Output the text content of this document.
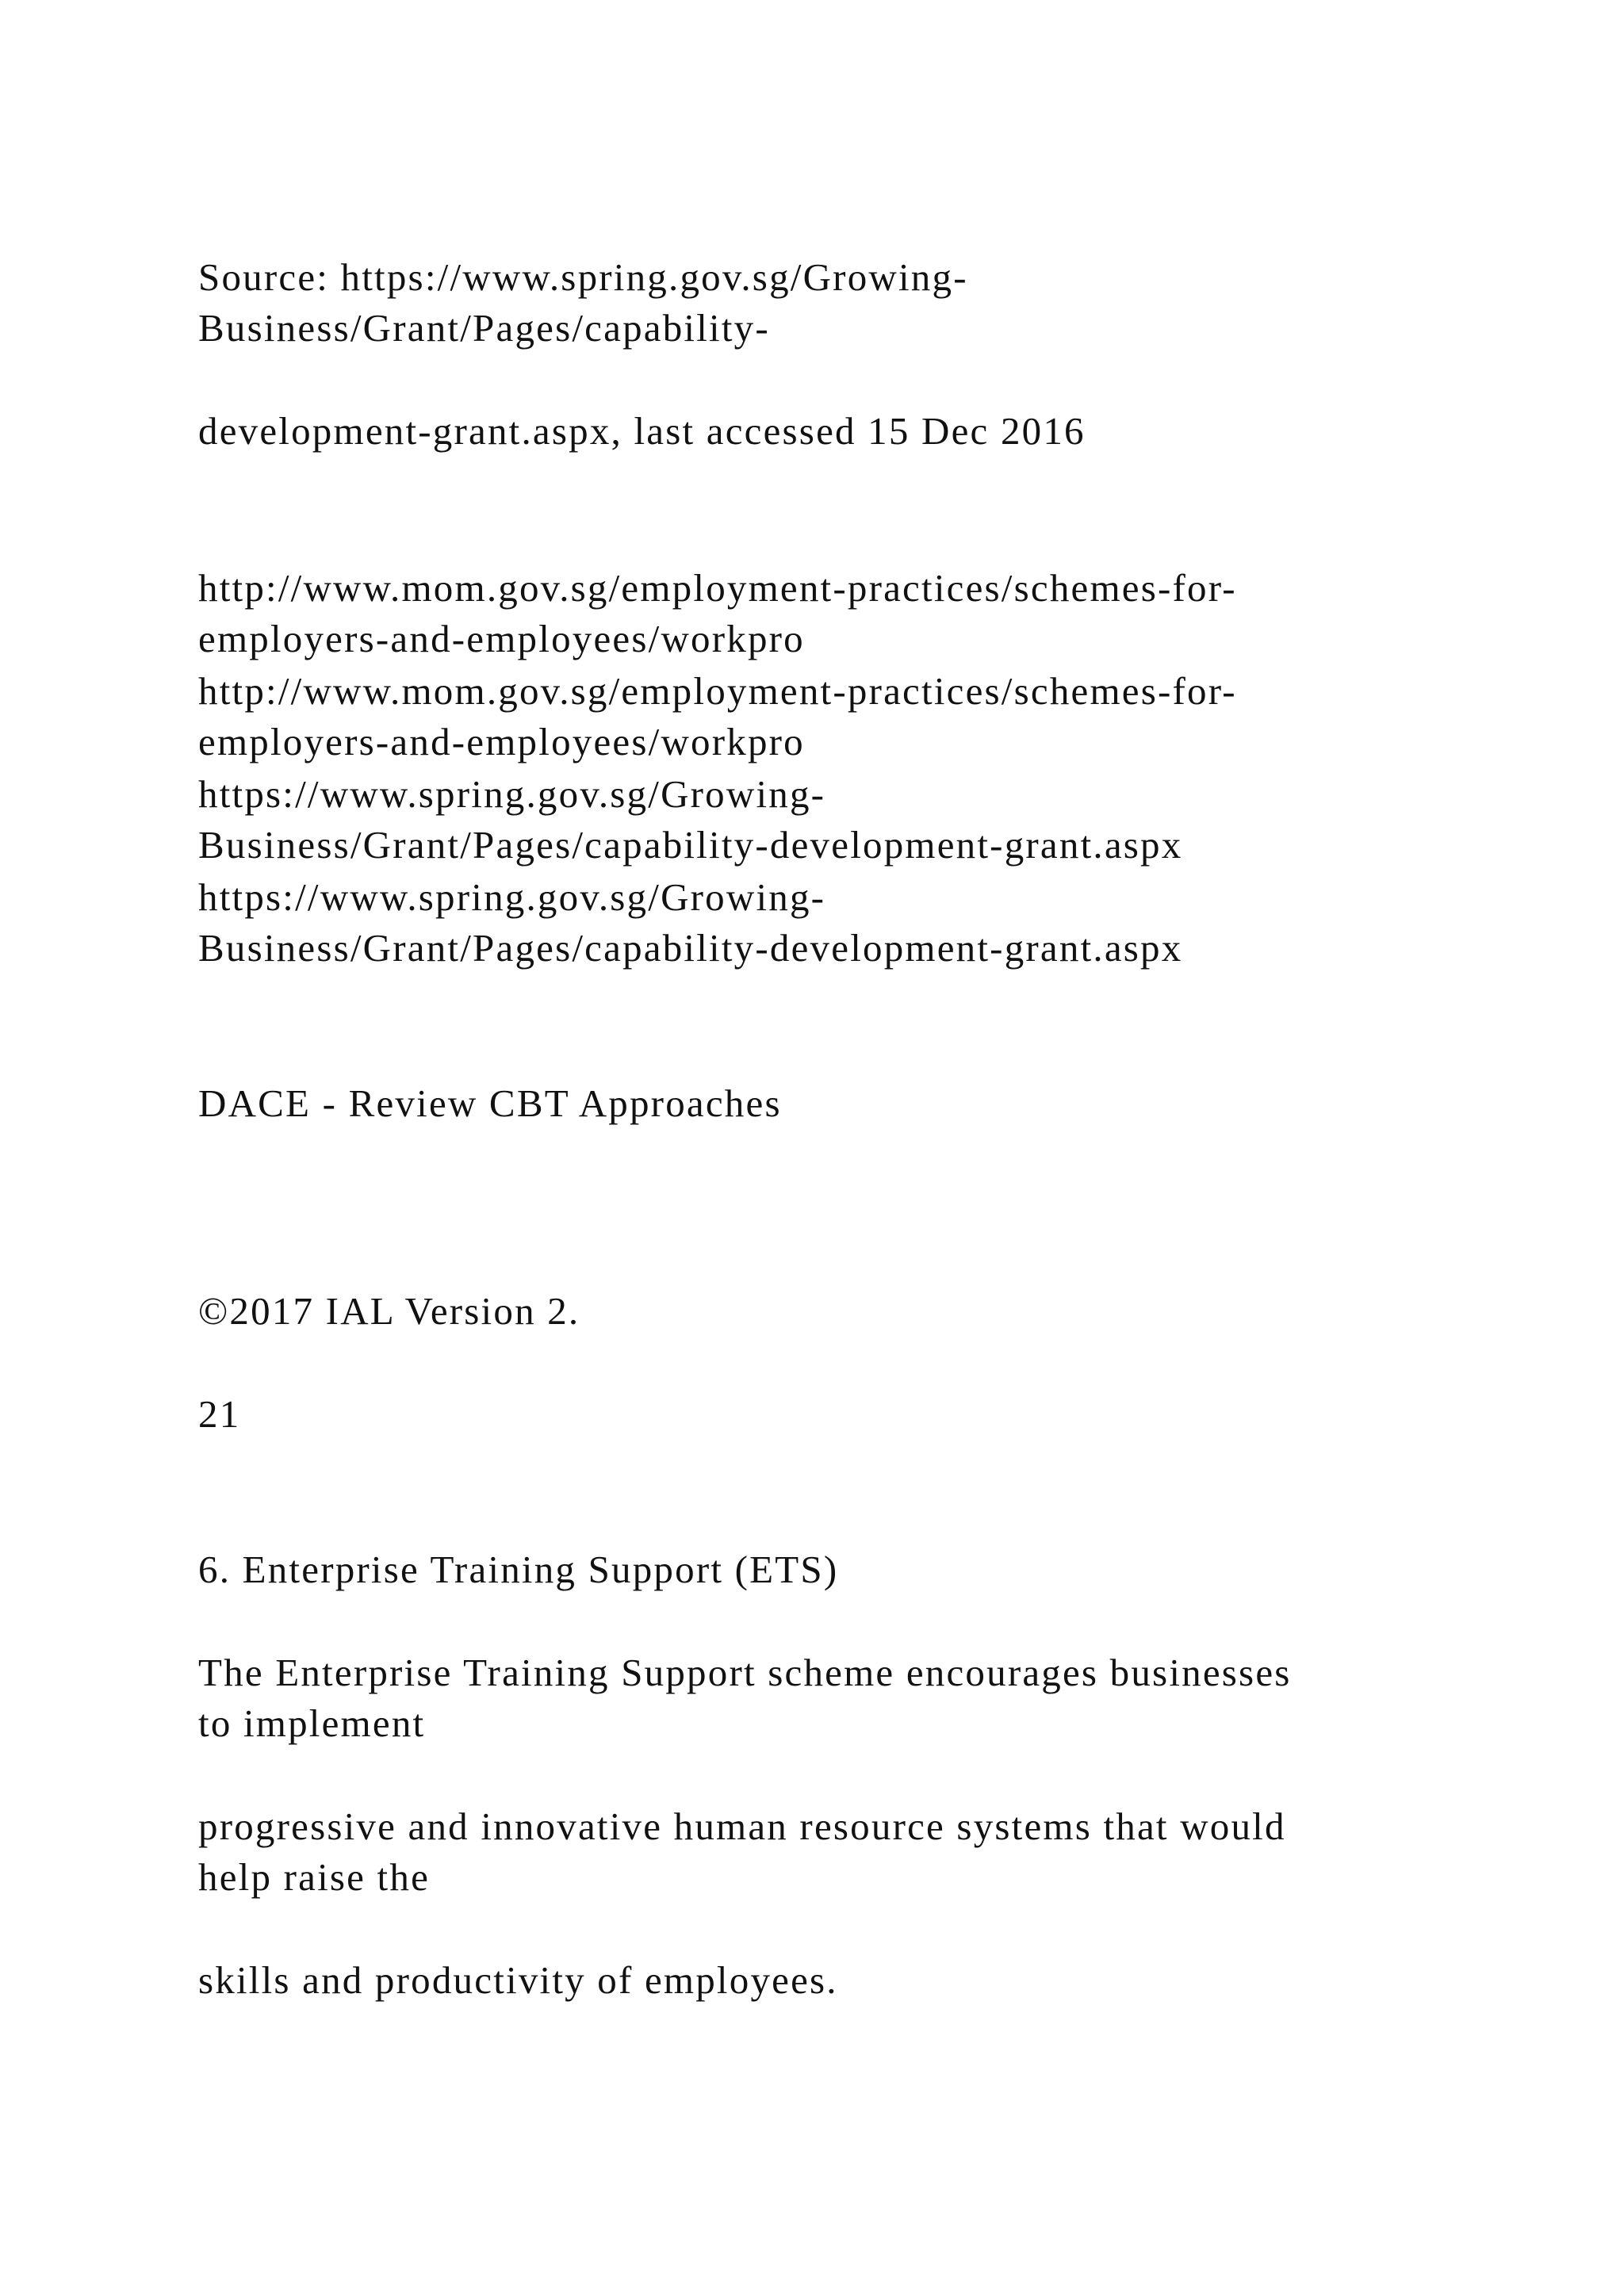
Source: https://www.spring.gov.sg/Growing-

Business/Grant/Pages/capability-

development-grant.aspx, last accessed 15 Dec 2016

http://www.mom.gov.sg/employment-practices/schemes-for-

employers-and-employees/workpro

http://www.mom.gov.sg/employment-practices/schemes-for-

employers-and-employees/workpro

https://www.spring.gov.sg/Growing-

Business/Grant/Pages/capability-development-grant.aspx

https://www.spring.gov.sg/Growing-

Business/Grant/Pages/capability-development-grant.aspx

DACE - Review CBT Approaches

©2017 IAL Version 2.

21

6. Enterprise Training Support (ETS)

The Enterprise Training Support scheme encourages businesses

to implement

progressive and innovative human resource systems that would

help raise the

skills and productivity of employees.
